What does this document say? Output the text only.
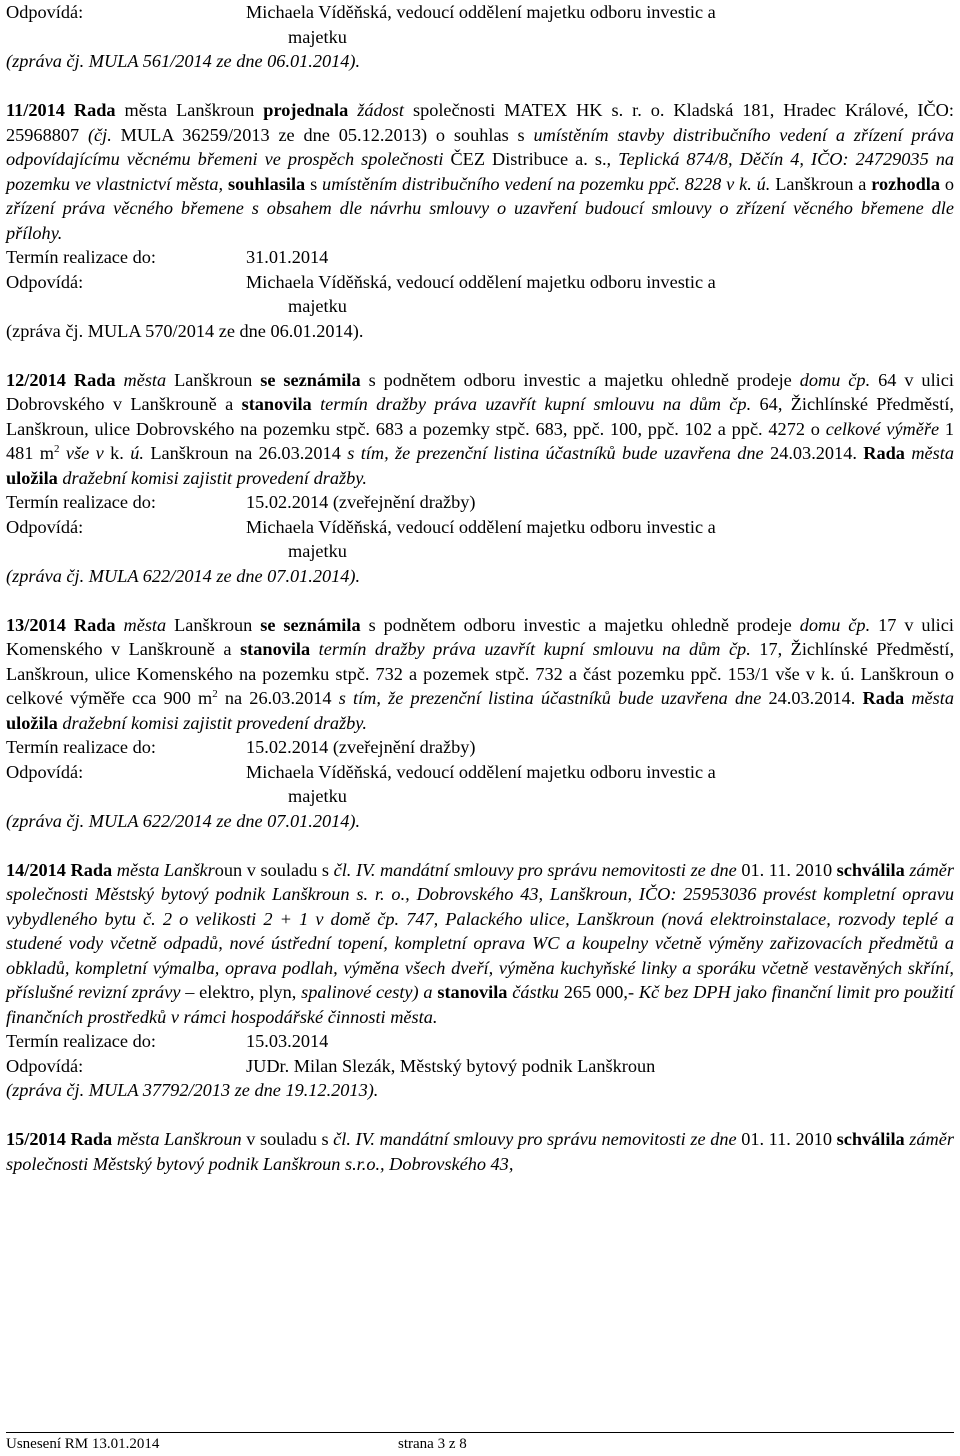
Odpovídá:	Michaela Víděňská, vedoucí oddělení majetku odboru investic a
majetku
(zpráva čj. MULA 561/2014 ze dne 06.01.2014).
11/2014 Rada města Lanškroun projednala žádost společnosti MATEX HK s. r. o. Kladská 181, Hradec Králové, IČO: 25968807 (čj. MULA 36259/2013 ze dne 05.12.2013) o souhlas s umístěním stavby distribučního vedení a zřízení práva odpovídajícímu věcnému břemeni ve prospěch společnosti ČEZ Distribuce a. s., Teplická 874/8, Děčín 4, IČO: 24729035 na pozemku ve vlastnictví města, souhlasila s umístěním distribučního vedení na pozemku ppč. 8228 v k. ú. Lanškroun a rozhodla o zřízení práva věcného břemene s obsahem dle návrhu smlouvy o uzavření budoucí smlouvy o zřízení věcného břemene dle přílohy.
Termín realizace do:	31.01.2014
Odpovídá:	Michaela Víděňská, vedoucí oddělení majetku odboru investic a
majetku
(zpráva čj. MULA 570/2014 ze dne 06.01.2014).
12/2014 Rada města Lanškroun se seznámila s podnětem odboru investic a majetku ohledně prodeje domu čp. 64 v ulici Dobrovského v Lanškrouně a stanovila termín dražby práva uzavřít kupní smlouvu na dům čp. 64, Žichlínské Předměstí, Lanškroun, ulice Dobrovského na pozemku stpč. 683 a pozemky stpč. 683, ppč. 100, ppč. 102 a ppč. 4272 o celkové výměře 1 481 $m^2$ vše v k. ú. Lanškroun na 26.03.2014 s tím, že prezenční listina účastníků bude uzavřena dne 24.03.2014. Rada města uložila dražební komisi zajistit provedení dražby.
Termín realizace do:	15.02.2014 (zveřejnění dražby)
Odpovídá:	Michaela Víděňská, vedoucí oddělení majetku odboru investic a
majetku
(zpráva čj. MULA 622/2014 ze dne 07.01.2014).
13/2014 Rada města Lanškroun se seznámila s podnětem odboru investic a majetku ohledně prodeje domu čp. 17 v ulici Komenského v Lanškrouně a stanovila termín dražby práva uzavřít kupní smlouvu na dům čp. 17, Žichlínské Předměstí, Lanškroun, ulice Komenského na pozemku stpč. 732 a pozemek stpč. 732 a část pozemku ppč. 153/1 vše v k. ú. Lanškroun o celkové výměře cca 900 $m^2$ na 26.03.2014 s tím, že prezenční listina účastníků bude uzavřena dne 24.03.2014. Rada města uložila dražební komisi zajistit provedení dražby.
Termín realizace do:	15.02.2014 (zveřejnění dražby)
Odpovídá:	Michaela Víděňská, vedoucí oddělení majetku odboru investic a
majetku
(zpráva čj. MULA 622/2014 ze dne 07.01.2014).
14/2014 Rada města Lanškroun v souladu s čl. IV. mandátní smlouvy pro správu nemovitosti ze dne 01. 11. 2010 schválila záměr společnosti Městský bytový podnik Lanškroun s. r. o., Dobrovského 43, Lanškroun, IČO: 25953036 provést kompletní opravu vybydleného bytu č. 2 o velikosti 2 + 1 v domě čp. 747, Palackého ulice, Lanškroun (nová elektroinstalace, rozvody teplé a studené vody včetně odpadů, nové ústřední topení, kompletní oprava WC a koupelny včetně výměny zařizovacích předmětů a obkladů, kompletní výmalba, oprava podlah, výměna všech dveří, výměna kuchyňské linky a sporáku včetně vestavěných skříní, příslušné revizní zprávy – elektro, plyn, spalinové cesty) a stanovila částku 265 000,- Kč bez DPH jako finanční limit pro použití finančních prostředků v rámci hospodářské činnosti města.
Termín realizace do:	15.03.2014
Odpovídá:	JUDr. Milan Slezák, Městský bytový podnik Lanškroun
(zpráva čj. MULA 37792/2013 ze dne 19.12.2013).
15/2014 Rada města Lanškroun v souladu s čl. IV. mandátní smlouvy pro správu nemovitosti ze dne 01. 11. 2010 schválila záměr společnosti Městský bytový podnik Lanškroun s.r.o., Dobrovského 43,
Usnesení RM 13.01.2014	strana 3 z 8
